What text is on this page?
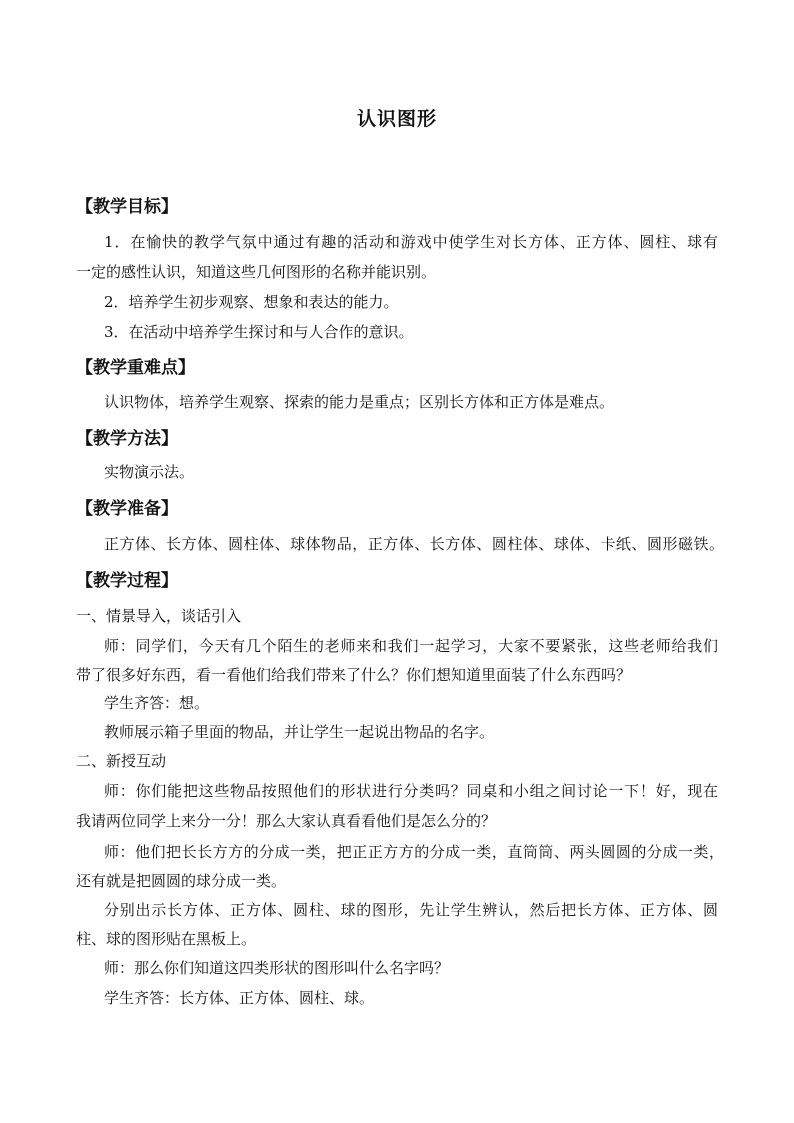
认识图形
【教学目标】
1．在愉快的教学气氛中通过有趣的活动和游戏中使学生对长方体、正方体、圆柱、球有
一定的感性认识，知道这些几何图形的名称并能识别。
2．培养学生初步观察、想象和表达的能力。
3．在活动中培养学生探讨和与人合作的意识。
【教学重难点】
认识物体，培养学生观察、探索的能力是重点；区别长方体和正方体是难点。
【教学方法】
实物演示法。
【教学准备】
正方体、长方体、圆柱体、球体物品，正方体、长方体、圆柱体、球体、卡纸、圆形磁铁。
【教学过程】
一、情景导入，谈话引入
师：同学们，今天有几个陌生的老师来和我们一起学习，大家不要紧张，这些老师给我们
带了很多好东西，看一看他们给我们带来了什么？你们想知道里面装了什么东西吗？
学生齐答：想。
教师展示箱子里面的物品，并让学生一起说出物品的名字。
二、新授互动
师：你们能把这些物品按照他们的形状进行分类吗？同桌和小组之间讨论一下！好，现在
我请两位同学上来分一分！那么大家认真看看他们是怎么分的？
师：他们把长长方方的分成一类，把正正方方的分成一类，直筒筒、两头圆圆的分成一类，
还有就是把圆圆的球分成一类。
分别出示长方体、正方体、圆柱、球的图形，先让学生辨认，然后把长方体、正方体、圆
柱、球的图形贴在黑板上。
师：那么你们知道这四类形状的图形叫什么名字吗？
学生齐答：长方体、正方体、圆柱、球。
